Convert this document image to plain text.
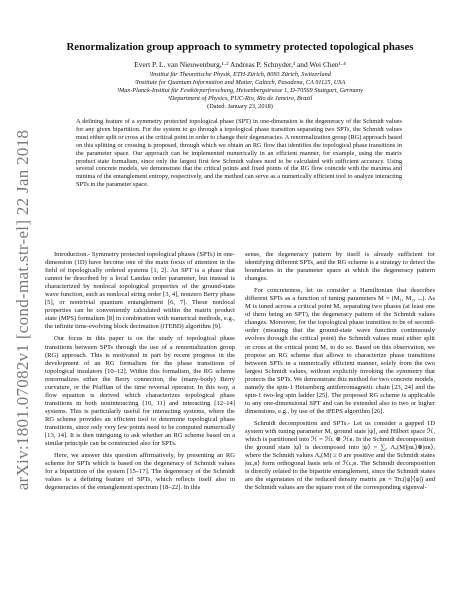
arXiv:1801.07082v1 [cond-mat.str-el] 22 Jan 2018
Renormalization group approach to symmetry protected topological phases
Evert P. L. van Nieuwenburg,¹·² Andreas P. Schnyder,³ and Wei Chen¹·⁴
¹Institut für Theoretische Physik, ETH-Zürich, 8093 Zürich, Switzerland
²Institute for Quantum Information and Matter, Caltech, Pasadena, CA 91125, USA
³Max-Planck-Institut für Festkörperforschung, Heisenbergstrasse 1, D-70569 Stuttgart, Germany
⁴Department of Physics, PUC-Rio, Rio de Janeiro, Brazil
(Dated: January 23, 2018)
A defining feature of a symmetry protected topological phase (SPT) in one-dimension is the degeneracy of the Schmidt values for any given bipartition. For the system to go through a topological phase transition separating two SPTs, the Schmidt values must either split or cross at the critical point in order to change their degeneracies. A renormalization group (RG) approach based on this splitting or crossing is proposed, through which we obtain an RG flow that identifies the topological phase transitions in the parameter space. Our approach can be implemented numerically in an efficient manner, for example, using the matrix product state formalism, since only the largest first few Schmidt values need to be calculated with sufficient accuracy. Using several concrete models, we demonstrate that the critical points and fixed points of the RG flow coincide with the maxima and minima of the entanglement entropy, respectively, and the method can serve as a numerically efficient tool to analyze interacting SPTs in the parameter space.

Introduction.- Symmetry protected topological phases (SPTs) in one-dimension (1D) have become one of the main focus of attention in the field of topologically ordered systems [1, 2]. An SPT is a phase that cannot be described by a local Landau order parameter, but instead is characterized by nonlocal topological properties of the ground-state wave function, such as nonlocal string order [3, 4], nonzero Berry phase [5], or nontrivial quantum entanglement [6, 7]. These nonlocal properties can be conveniently calculated within the matrix product state (MPS) formalism [8] in combination with numerical methods, e.g., the infinite time-evolving block decimation (iTEBD) algorithm [9].

Our focus in this paper is on the study of topological phase transitions between SPTs through the use of a renormalization group (RG) approach. This is motivated in part by recent progress in the development of an RG formalism for the phase transitions of topological insulators [10–12]. Within this formalism, the RG scheme renormalizes either the Berry connection, the (many-body) Berry curvature, or the Pfaffian of the time reversal operator. In this way, a flow equation is derived which characterizes topological phase transitions in both noninteracting [10, 11] and interacting [12–14] systems. This is particularly useful for interacting systems, where the RG scheme provides an efficient tool to determine topological phase transitions, since only very few points need to be computed numerically [13, 14]. It is then intriguing to ask whether an RG scheme based on a similar principle can be constructed also for SPTs.

Here, we answer this question affirmatively, by presenting an RG scheme for SPTs which is based on the degeneracy of Schmidt values for a bipartition of the system [15–17]. The degeneracy of the Schmidt values is a defining feature of SPTs, which reflects itself also in degeneracies of the entanglement spectrum [18–22]. In this

sense, the degeneracy pattern by itself is already sufficient for identifying different SPTs, and the RG scheme is a strategy to detect the boundaries in the parameter space at which the degeneracy pattern changes.

For concreteness, let us consider a Hamiltonian that describes different SPTs as a function of tuning parameters M = (M₁, M₂, ...). As M is tuned across a critical point M꜀ separating two phases (at least one of them being an SPT), the degeneracy pattern of the Schmidt values changes. Moreover, for the topological phase transition to be of second-order (meaning that the ground-state wave function continuously evolves through the critical point) the Schmidt values must either split or cross at the critical point M꜀ to do so. Based on this observation, we propose an RG scheme that allows to characterize phase transitions between SPTs in a numerically efficient manner, solely from the two largest Schmidt values, without explicitly invoking the symmetry that protects the SPTs. We demonstrate this method for two concrete models, namely the spin-1 Heisenberg antiferromagnetic chain [23, 24] and the spin-1 two-leg spin ladder [25]. The proposed RG scheme is applicable to any one-dimensional SPT and can be extended also to two or higher dimensions, e.g., by use of the iPEPS algorithm [26].

Schmidt decomposition and SPTs.- Let us consider a gapped 1D system with tuning parameter M, ground state |ψ⟩, and Hilbert space ℋ, which is partitioned into ℋ = ℋʟ ⊗ ℋʀ. In the Schmidt decomposition the ground state |ψ⟩ is decomposed into |ψ⟩ = ∑ₐ Λₐ(M)|αʟ⟩⊗|αʀ⟩, where the Schmidt values Λₐ(M) ≥ 0 are positive and the Schmidt states |αʟ,ʀ⟩ form orthogonal basis sets of ℋʟ,ʀ. The Schmidt decomposition is directly related to the bipartite entanglement, since the Schmidt states are the eigenstates of the reduced density matrix ρʀ = Trʟ(|ψ⟩⟨ψ|) and the Schmidt values are the square root of the corresponding eigenval-
